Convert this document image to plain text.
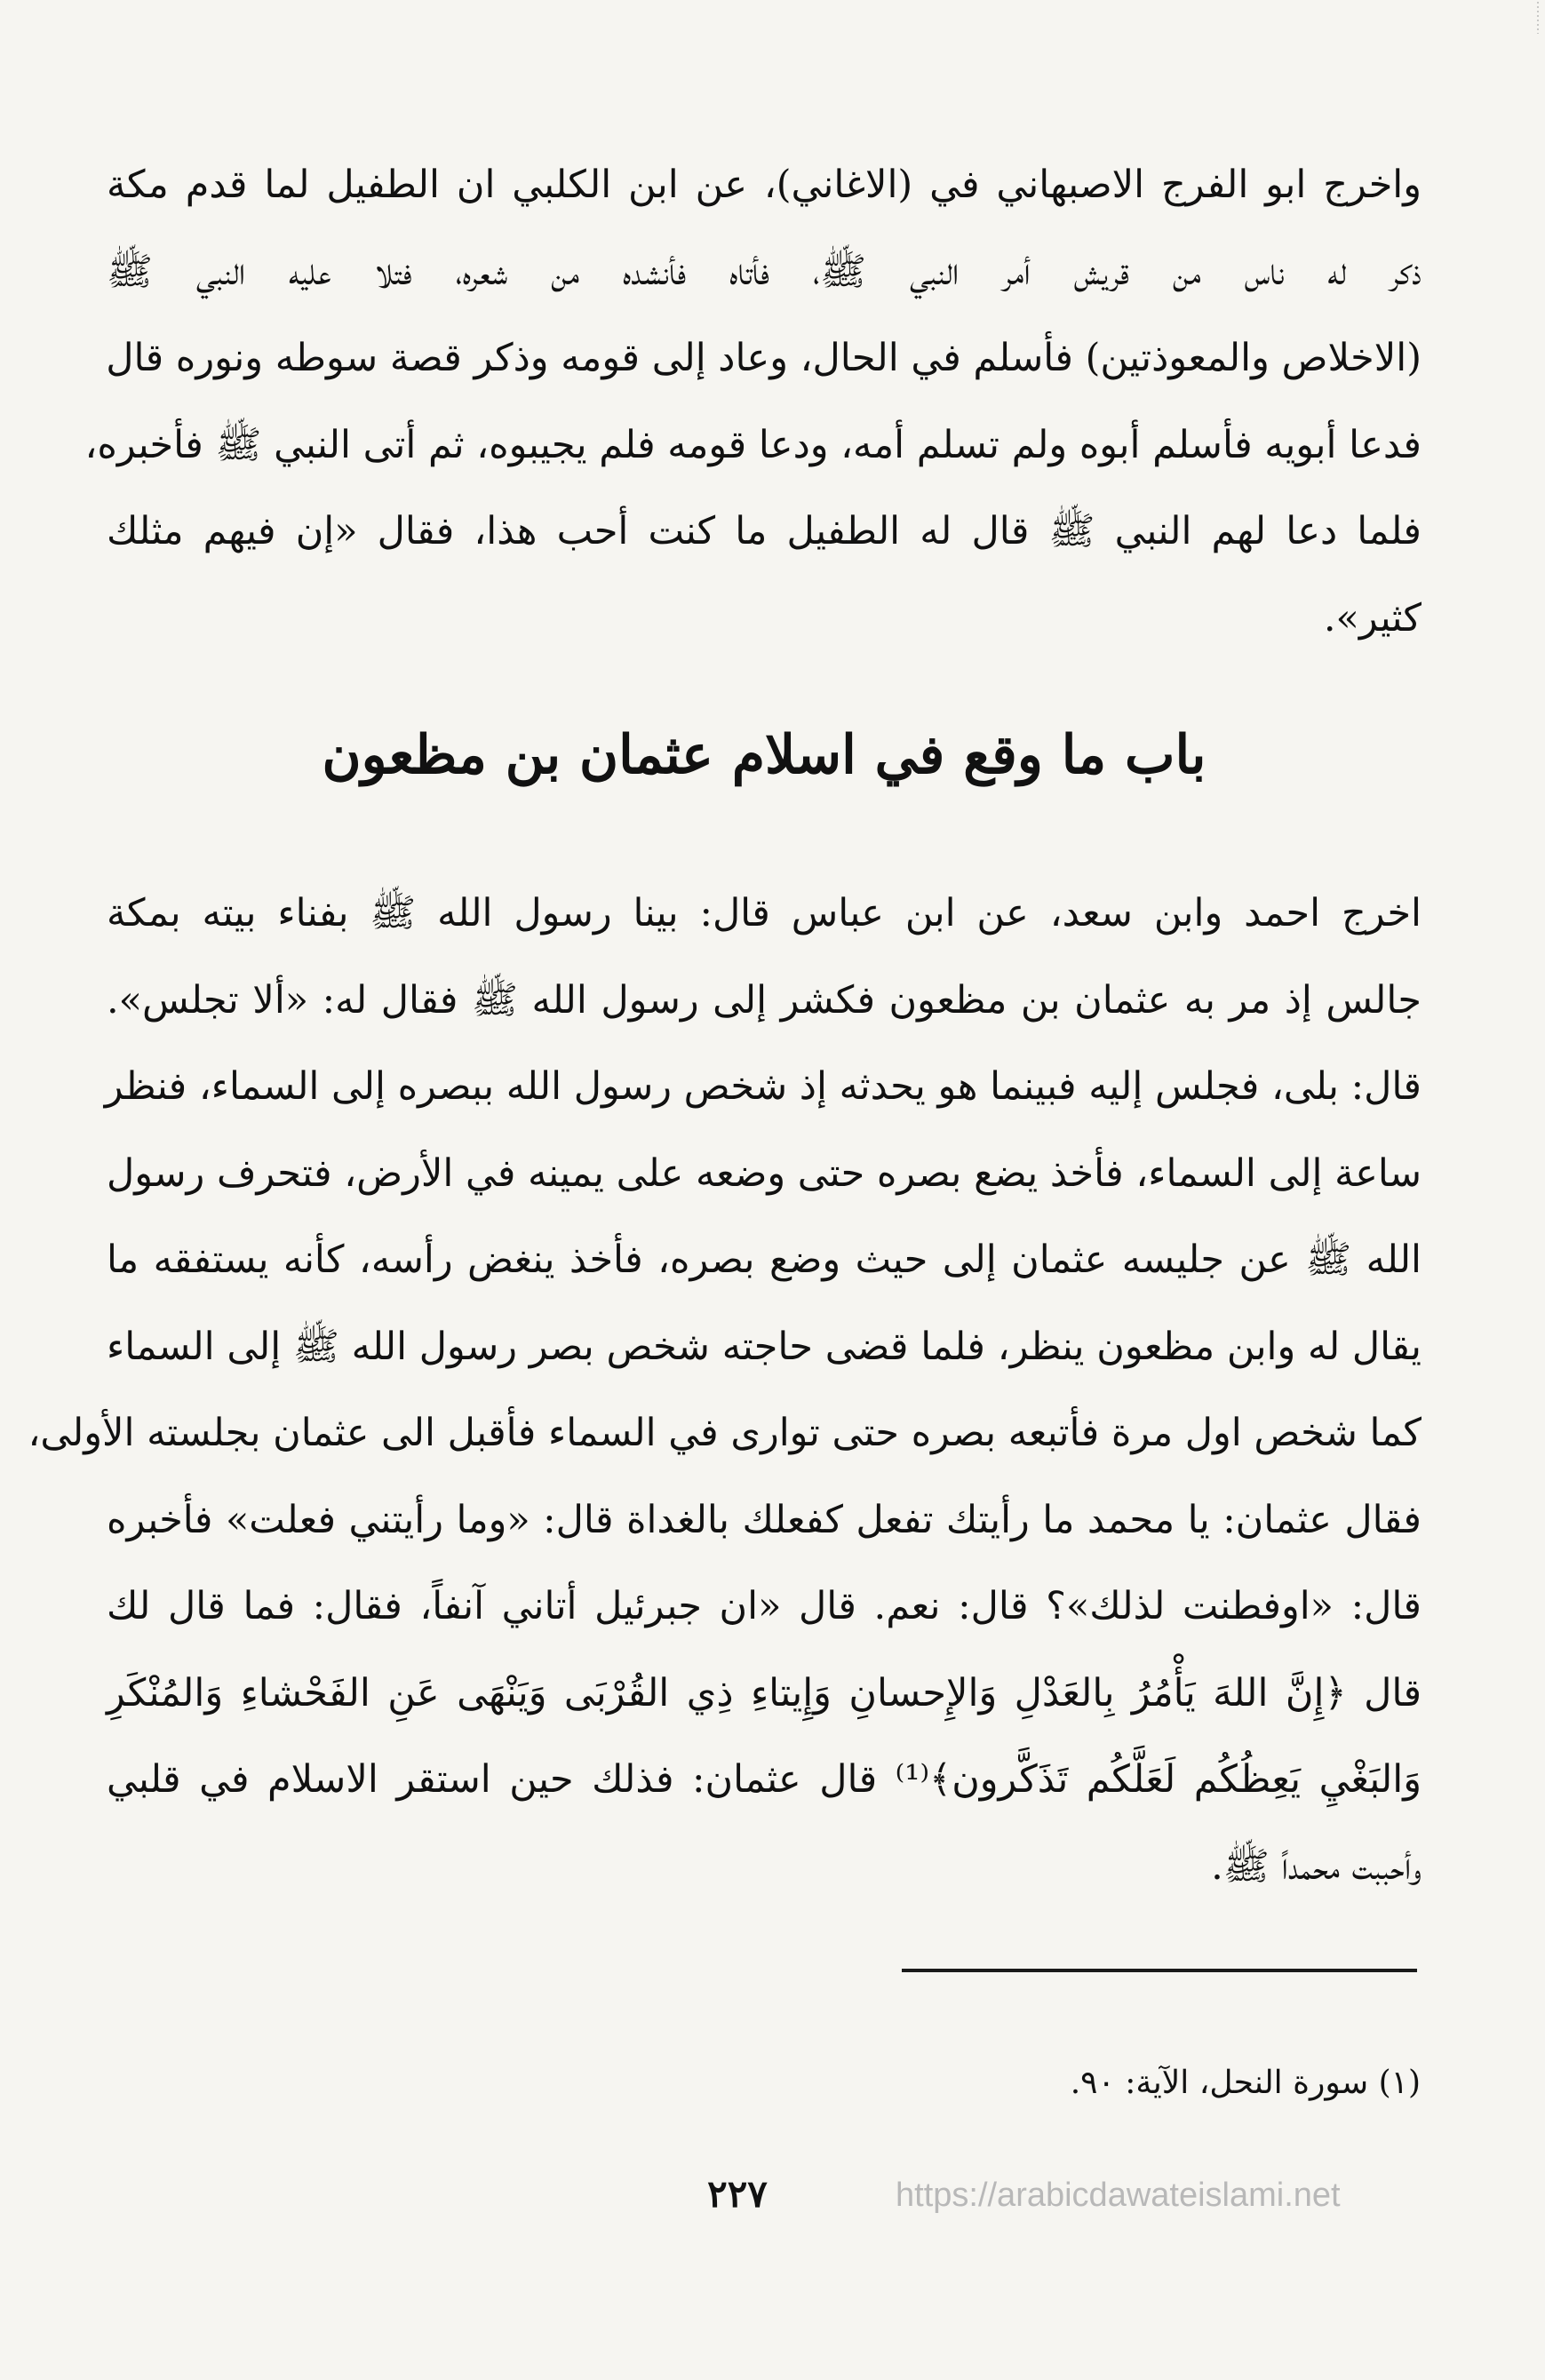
واخرج ابو الفرج الاصبهاني في (الاغاني)، عن ابن الكلبي ان الطفيل لما قدم مكة
ذكر له ناس من قريش أمر النبي ﷺ، فأتاه فأنشده من شعره، فتلا عليه النبي ﷺ
(الاخلاص والمعوذتين) فأسلم في الحال، وعاد إلى قومه وذكر قصة سوطه ونوره قال
فدعا أبويه فأسلم أبوه ولم تسلم أمه، ودعا قومه فلم يجيبوه، ثم أتى النبي ﷺ فأخبره،
فلما دعا لهم النبي ﷺ قال له الطفيل ما كنت أحب هذا، فقال «إن فيهم مثلك
كثير».

باب ما وقع في اسلام عثمان بن مظعون

اخرج احمد وابن سعد، عن ابن عباس قال: بينا رسول الله ﷺ بفناء بيته بمكة
جالس إذ مر به عثمان بن مظعون فكشر إلى رسول الله ﷺ فقال له: «ألا تجلس».
قال: بلى، فجلس إليه فبينما هو يحدثه إذ شخص رسول الله ببصره إلى السماء، فنظر
ساعة إلى السماء، فأخذ يضع بصره حتى وضعه على يمينه في الأرض، فتحرف رسول
الله ﷺ عن جليسه عثمان إلى حيث وضع بصره، فأخذ ينغض رأسه، كأنه يستفقه ما
يقال له وابن مظعون ينظر، فلما قضى حاجته شخص بصر رسول الله ﷺ إلى السماء
كما شخص اول مرة فأتبعه بصره حتى توارى في السماء فأقبل الى عثمان بجلسته الأولى،
فقال عثمان: يا محمد ما رأيتك تفعل كفعلك بالغداة قال: «وما رأيتني فعلت» فأخبره
قال: «اوفطنت لذلك»؟ قال: نعم. قال «ان جبرئيل أتاني آنفاً، فقال: فما قال لك
قال ﴿إِنَّ اللهَ يَأْمُرُ بِالعَدْلِ وَالإِحسانِ وَإِيتاءِ ذِي القُرْبَى وَيَنْهَى عَنِ الفَحْشاءِ وَالمُنْكَرِ
وَالبَغْيِ يَعِظُكُم لَعَلَّكُم تَذَكَّرون﴾⁽¹⁾ قال عثمان: فذلك حين استقر الاسلام في قلبي
وأحببت محمداً ﷺ.

(١) سورة النحل، الآية: ٩٠.
٢٢٧	https://arabicdawateislami.net
